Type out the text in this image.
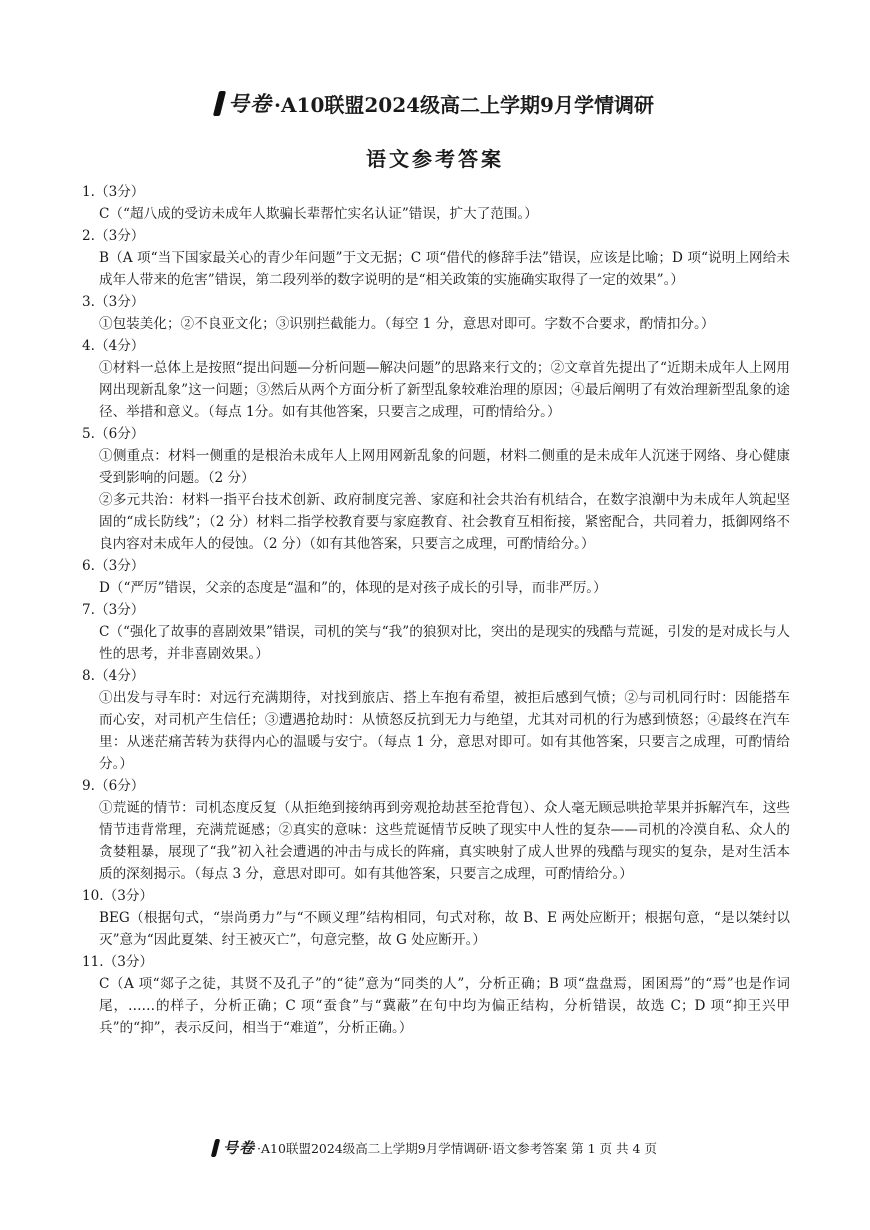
号卷 ·A10联盟2024级高二上学期9月学情调研
语文参考答案
1.（3分）

C（“超八成的受访未成年人欺骗长辈帮忙实名认证”错误，扩大了范围。）

2.（3分）

B（A 项“当下国家最关心的青少年问题”于文无据；C 项“借代的修辞手法”错误，应该是比喻；D 项“说明上网给未成年人带来的危害”错误，第二段列举的数字说明的是“相关政策的实施确实取得了一定的效果”。）

3.（3分）

①包装美化；②不良亚文化；③识别拦截能力。（每空 1 分，意思对即可。字数不合要求，酌情扣分。）

4.（4分）

①材料一总体上是按照“提出问题—分析问题—解决问题”的思路来行文的；②文章首先提出了“近期未成年人上网用网出现新乱象”这一问题；③然后从两个方面分析了新型乱象较难治理的原因；④最后阐明了有效治理新型乱象的途径、举措和意义。（每点 1分。如有其他答案，只要言之成理，可酌情给分。）

5.（6分）

①侧重点：材料一侧重的是根治未成年人上网用网新乱象的问题，材料二侧重的是未成年人沉迷于网络、身心健康受到影响的问题。（2 分）

②多元共治：材料一指平台技术创新、政府制度完善、家庭和社会共治有机结合，在数字浪潮中为未成年人筑起坚固的“成长防线”；（2 分）材料二指学校教育要与家庭教育、社会教育互相衔接，紧密配合，共同着力，抵御网络不良内容对未成年人的侵蚀。（2 分）（如有其他答案，只要言之成理，可酌情给分。）

6.（3分）

D（“严厉”错误，父亲的态度是“温和”的，体现的是对孩子成长的引导，而非严厉。）

7.（3分）

C（“强化了故事的喜剧效果”错误，司机的笑与“我”的狼狈对比，突出的是现实的残酷与荒诞，引发的是对成长与人性的思考，并非喜剧效果。）

8.（4分）

①出发与寻车时：对远行充满期待，对找到旅店、搭上车抱有希望，被拒后感到气愤；②与司机同行时：因能搭车而心安，对司机产生信任；③遭遇抢劫时：从愤怒反抗到无力与绝望，尤其对司机的行为感到愤怒；④最终在汽车里：从迷茫痛苦转为获得内心的温暖与安宁。（每点 1 分，意思对即可。如有其他答案，只要言之成理，可酌情给分。）

9.（6分）

①荒诞的情节：司机态度反复（从拒绝到接纳再到旁观抢劫甚至抢背包）、众人毫无顾忌哄抢苹果并拆解汽车，这些情节违背常理，充满荒诞感；②真实的意味：这些荒诞情节反映了现实中人性的复杂——司机的冷漠自私、众人的贪婪粗暴，展现了“我”初入社会遭遇的冲击与成长的阵痛，真实映射了成人世界的残酷与现实的复杂，是对生活本质的深刻揭示。（每点 3 分，意思对即可。如有其他答案，只要言之成理，可酌情给分。）

10.（3分）

BEG（根据句式，“崇尚勇力”与“不顾义理”结构相同，句式对称，故 B、E 两处应断开；根据句意，“是以桀纣以灭”意为“因此夏桀、纣王被灭亡”，句意完整，故 G 处应断开。）

11.（3分）

C（A 项“郯子之徒，其贤不及孔子”的“徒”意为“同类的人”，分析正确；B 项“盘盘焉，囷囷焉”的“焉”也是作词尾，……的样子，分析正确；C 项“蚕食”与“冀蔽”在句中均为偏正结构，分析错误，故选 C；D 项“抑王兴甲兵”的“抑”，表示反问，相当于“难道”，分析正确。）

号卷 ·A10联盟2024级高二上学期9月学情调研·语文参考答案 第 1 页 共 4 页
